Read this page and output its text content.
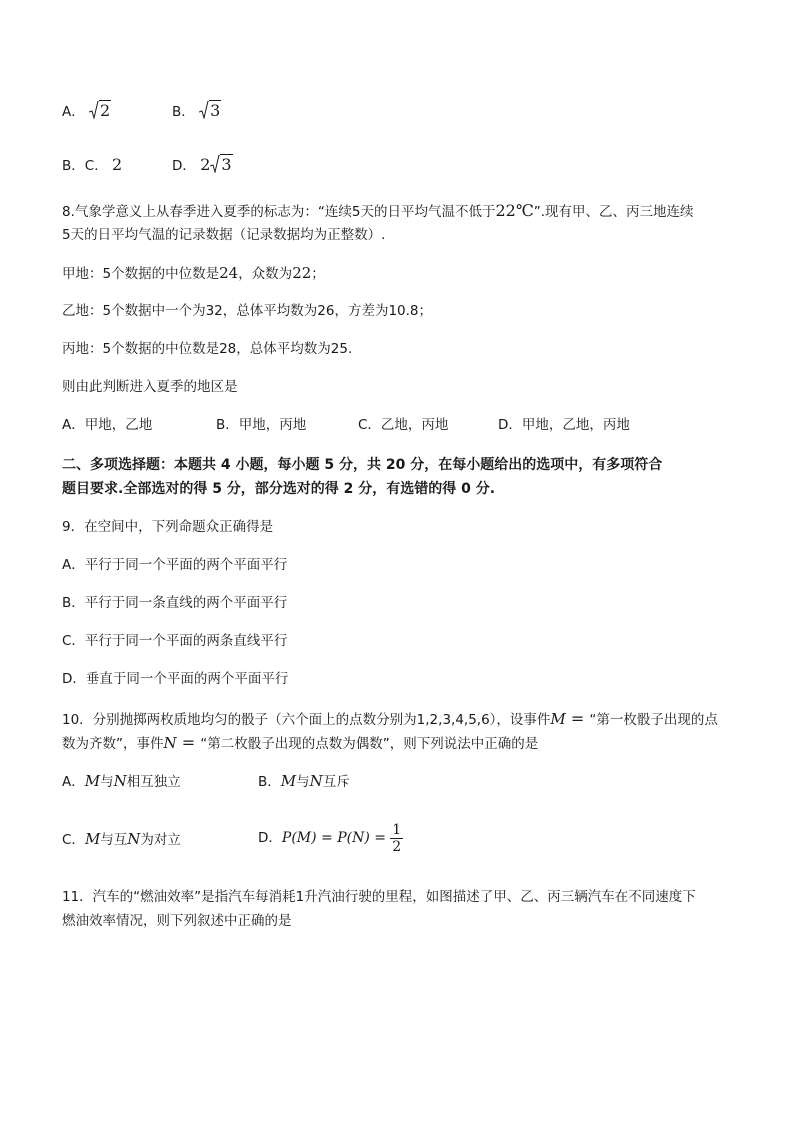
A． 2	B． 3
B．C． 2	D． 2 3
8.气象学意义上从春季进入夏季的标志为：“连续5天的日平均气温不低于22℃”.现有甲、乙、丙三地连续
5天的日平均气温的记录数据（记录数据均为正整数）.
甲地：5个数据的中位数是24，众数为22；
乙地：5个数据中一个为32，总体平均数为26，方差为10.8；
丙地：5个数据的中位数是28，总体平均数为25.
则由此判断进入夏季的地区是
A．甲地，乙地	B．甲地，丙地	C．乙地，丙地	D．甲地，乙地，丙地
二、多项选择题：本题共 4 小题，每小题 5 分，共 20 分，在每小题给出的选项中，有多项符合
题目要求.全部选对的得 5 分，部分选对的得 2 分，有选错的得 0 分.
9．在空间中，下列命题众正确得是
A．平行于同一个平面的两个平面平行
B．平行于同一条直线的两个平面平行
C．平行于同一个平面的两条直线平行
D．垂直于同一个平面的两个平面平行
10．分别抛掷两枚质地均匀的骰子（六个面上的点数分别为1,2,3,4,5,6），设事件M = “第一枚骰子出现的点
数为齐数”，事件N = “第二枚骰子出现的点数为偶数”，则下列说法中正确的是
A．M与N相互独立	B．M与N互斥
C．M与互N为对立	D．$P(M) = P(N) = \frac{1}{2}$
11．汽车的“燃油效率”是指汽车每消耗1升汽油行驶的里程，如图描述了甲、乙、丙三辆汽车在不同速度下
燃油效率情况，则下列叙述中正确的是
